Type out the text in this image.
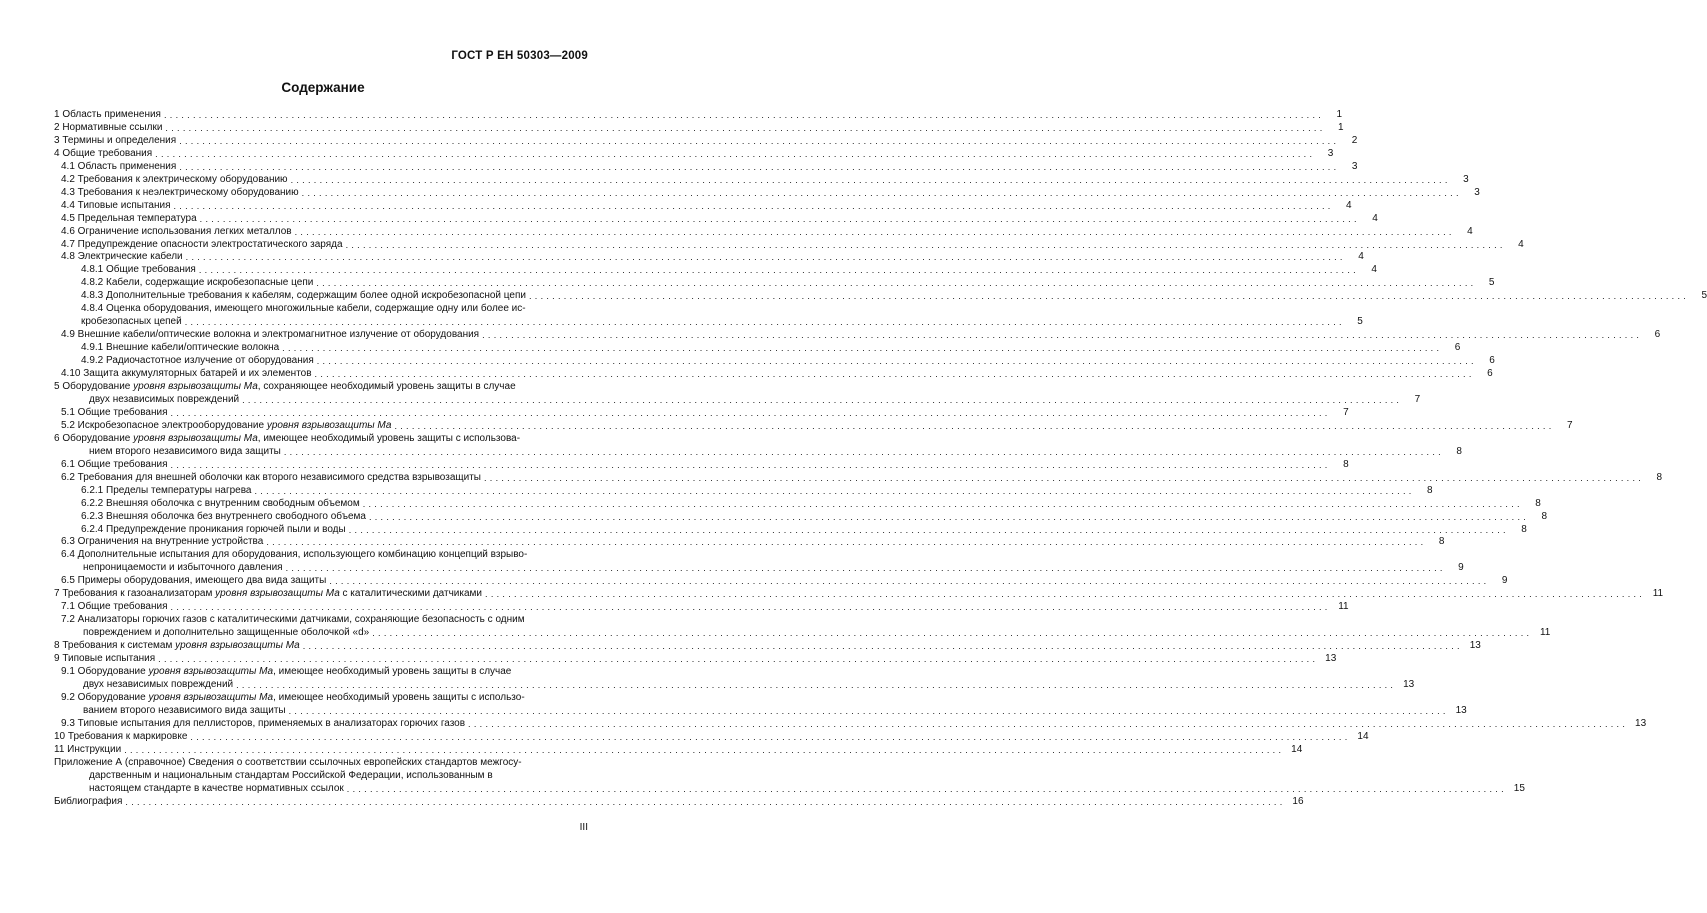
ГОСТ Р ЕН 50303—2009
Содержание
1 Область применения ........................................................................................................................................................................................................	1
2 Нормативные ссылки ........................................................................................................................................................................................................	1
3 Термины и определения ........................................................................................................................................................................................................	2
4 Общие требования ........................................................................................................................................................................................................	3
4.1 Область применения ........................................................................................................................................................................................................	3
4.2 Требования к электрическому оборудованию ........................................................................................................................................................................................................	3
4.3 Требования к неэлектрическому оборудованию ........................................................................................................................................................................................................	3
4.4 Типовые испытания ........................................................................................................................................................................................................	4
4.5 Предельная температура ........................................................................................................................................................................................................	4
4.6 Ограничение использования легких металлов ........................................................................................................................................................................................................	4
4.7 Предупреждение опасности электростатического заряда ........................................................................................................................................................................................................	4
4.8 Электрические кабели ........................................................................................................................................................................................................	4
4.8.1 Общие требования ........................................................................................................................................................................................................	4
4.8.2 Кабели, содержащие искробезопасные цепи ........................................................................................................................................................................................................	5
4.8.3 Дополнительные требования к кабелям, содержащим более одной искробезопасной цепи ........................................................................................................................................................................................................	5
4.8.4 Оценка оборудования, имеющего многожильные кабели, содержащие одну или более ис-
кробезопасных цепей ........................................................................................................................................................................................................	5
4.9 Внешние кабели/оптические волокна и электромагнитное излучение от оборудования ........................................................................................................................................................................................................	6
4.9.1 Внешние кабели/оптические волокна ........................................................................................................................................................................................................	6
4.9.2 Радиочастотное излучение от оборудования ........................................................................................................................................................................................................	6
4.10 Защита аккумуляторных батарей и их элементов ........................................................................................................................................................................................................	6
5 Оборудование уровня взрывозащиты Ма, сохраняющее необходимый уровень защиты в случае
двух независимых повреждений ........................................................................................................................................................................................................	7
5.1 Общие требования ........................................................................................................................................................................................................	7
5.2 Искробезопасное электрооборудование уровня взрывозащиты Ма ........................................................................................................................................................................................................	7
6 Оборудование уровня взрывозащиты Ма, имеющее необходимый уровень защиты с использова-
нием второго независимого вида защиты ........................................................................................................................................................................................................	8
6.1 Общие требования ........................................................................................................................................................................................................	8
6.2 Требования для внешней оболочки как второго независимого средства взрывозащиты ........................................................................................................................................................................................................	8
6.2.1 Пределы температуры нагрева ........................................................................................................................................................................................................	8
6.2.2 Внешняя оболочка с внутренним свободным объемом ........................................................................................................................................................................................................	8
6.2.3 Внешняя оболочка без внутреннего свободного объема ........................................................................................................................................................................................................	8
6.2.4 Предупреждение проникания горючей пыли и воды ........................................................................................................................................................................................................	8
6.3 Ограничения на внутренние устройства ........................................................................................................................................................................................................	8
6.4 Дополнительные испытания для оборудования, использующего комбинацию концепций взрыво-
непроницаемости и избыточного давления ........................................................................................................................................................................................................	9
6.5 Примеры оборудования, имеющего два вида защиты ........................................................................................................................................................................................................	9
7 Требования к газоанализаторам уровня взрывозащиты Ма с каталитическими датчиками ........................................................................................................................................................................................................ 11
7.1 Общие требования ........................................................................................................................................................................................................ 11
7.2 Анализаторы горючих газов с каталитическими датчиками, сохраняющие безопасность с одним
повреждением и дополнительно защищенные оболочкой «d» ........................................................................................................................................................................................................ 11
8 Требования к системам уровня взрывозащиты Ма ........................................................................................................................................................................................................ 13
9 Типовые испытания ........................................................................................................................................................................................................ 13
9.1 Оборудование уровня взрывозащиты Ма, имеющее необходимый уровень защиты в случае
двух независимых повреждений ........................................................................................................................................................................................................ 13
9.2 Оборудование уровня взрывозащиты Ма, имеющее необходимый уровень защиты с использо-
ванием второго независимого вида защиты ........................................................................................................................................................................................................ 13
9.3 Типовые испытания для пеллисторов, применяемых в анализаторах горючих газов ........................................................................................................................................................................................................ 13
10 Требования к маркировке ........................................................................................................................................................................................................ 14
11 Инструкции ........................................................................................................................................................................................................ 14
Приложение А (справочное) Сведения о соответствии ссылочных европейских стандартов межгосу-
дарственным и национальным стандартам Российской Федерации, использованным в
настоящем стандарте в качестве нормативных ссылок ........................................................................................................................................................................................................ 15
Библиография ........................................................................................................................................................................................................ 16
III
